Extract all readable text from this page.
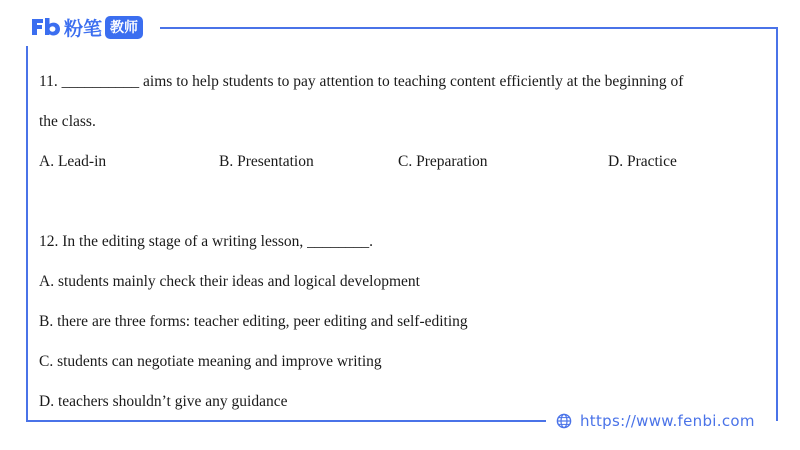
粉笔 教师
11. __________ aims to help students to pay attention to teaching content efficiently at the beginning of
the class.
A. Lead-in	B. Presentation	C. Preparation	D. Practice
12. In the editing stage of a writing lesson, ________.
A. students mainly check their ideas and logical development
B. there are three forms: teacher editing, peer editing and self-editing
C. students can negotiate meaning and improve writing
D. teachers shouldn’t give any guidance
https://www.fenbi.com
